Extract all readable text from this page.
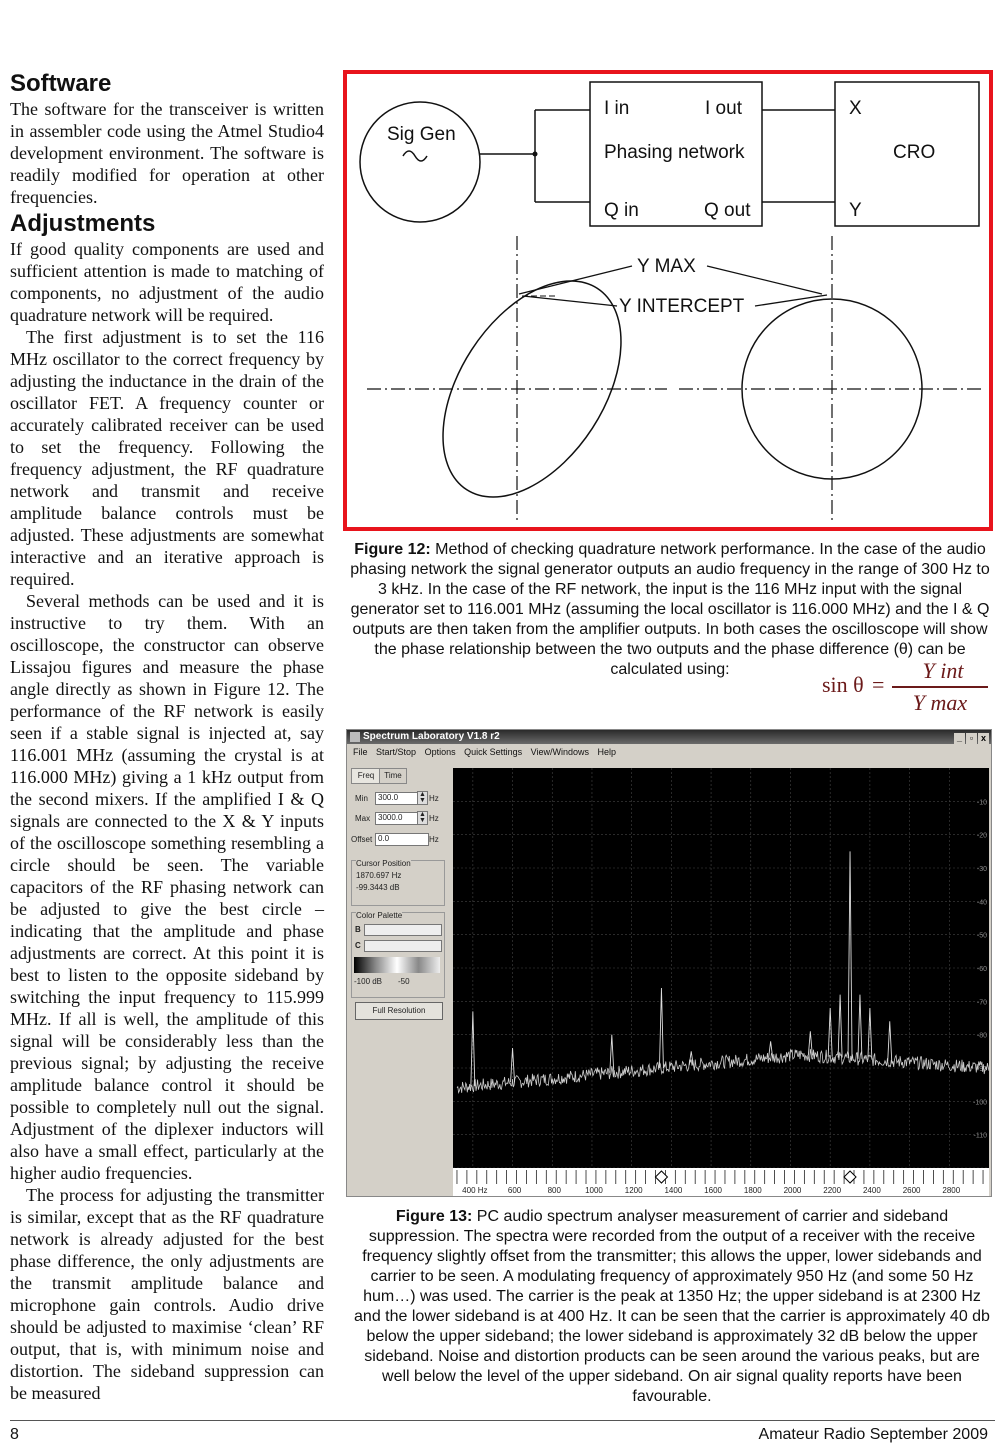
Software

The software for the transceiver is written in assembler code using the Atmel Studio4 development environment. The software is readily modified for operation at other frequencies.

Adjustments

If good quality components are used and sufficient attention is made to matching of components, no adjustment of the audio quadrature network will be required.

The first adjustment is to set the 116 MHz oscillator to the correct frequency by adjusting the inductance in the drain of the oscillator FET. A frequency counter or accurately calibrated receiver can be used to set the frequency. Following the frequency adjustment, the RF quadrature network and transmit and receive amplitude balance controls must be adjusted. These adjustments are somewhat interactive and an iterative approach is required.

Several methods can be used and it is instructive to try them. With an oscilloscope, the constructor can observe Lissajou figures and measure the phase angle directly as shown in Figure 12. The performance of the RF network is easily seen if a stable signal is injected at, say 116.001 MHz (assuming the crystal is at 116.000 MHz) giving a 1 kHz output from the second mixers. If the amplified I & Q signals are connected to the X & Y inputs of the oscilloscope something resembling a circle should be seen. The variable capacitors of the RF phasing network can be adjusted to give the best circle – indicating that the amplitude and phase adjustments are correct. At this point it is best to listen to the opposite sideband by switching the input frequency to 115.999 MHz. If all is well, the amplitude of this signal will be considerably less than the previous signal; by adjusting the receive amplitude balance control it should be possible to completely null out the signal. Adjustment of the diplexer inductors will also have a small effect, particularly at the higher audio frequencies.

The process for adjusting the transmitter is similar, except that as the RF quadrature network is already adjusted for the best phase difference, the only adjustments are the transmit amplitude balance and microphone gain controls. Audio drive should be adjusted to maximise ‘clean’ RF output, that is, with minimum noise and distortion. The sideband suppression can be measured

Sig Gen
I in	I out
Phasing network
Q in	Q out
X
CRO
Y
Y MAX
Y INTERCEPT
Figure 12: Method of checking quadrature network performance. In the case of the audio phasing network the signal generator outputs an audio frequency in the range of 300 Hz to 3 kHz. In the case of the RF network, the input is the 116 MHz input with the signal generator set to 116.001 MHz (assuming the local oscillator is 116.000 MHz) and the I & Q outputs are then taken from the amplifier outputs. In both cases the oscilloscope will show the phase relationship between the two outputs and the phase difference (θ) can be calculated using:
sin θ =
Y int
Y max
Spectrum Laboratory V1.8 r2	_ ▫ x
File Start/Stop Options Quick Settings View/Windows Help
Freq	Time
Min	300.0	▲
▼ Hz
Max 3000.0	▲
▼ Hz
Offset 0.0	Hz
Cursor Position
1870.697 Hz
-99.3443 dB
Color Palette
B
C
-100 dB -50
Full Resolution
-10
-20
-30
-40
-50
-60
-70
-80
-90
-100
-110
400 Hz	600	800	1000	1200	1400	1600	1800	2000	2200	2400	2600	2800
Figure 13: PC audio spectrum analyser measurement of carrier and sideband suppression. The spectra were recorded from the output of a receiver with the receive frequency slightly offset from the transmitter; this allows the upper, lower sidebands and carrier to be seen. A modulating frequency of approximately 950 Hz (and some 50 Hz hum…) was used. The carrier is the peak at 1350 Hz; the upper sideband is at 2300 Hz and the lower sideband is at 400 Hz. It can be seen that the carrier is approximately 40 db below the upper sideband; the lower sideband is approximately 32 dB below the upper sideband. Noise and distortion products can be seen around the various peaks, but are well below the level of the upper sideband. On air signal quality reports have been favourable.
8	Amateur Radio September 2009
